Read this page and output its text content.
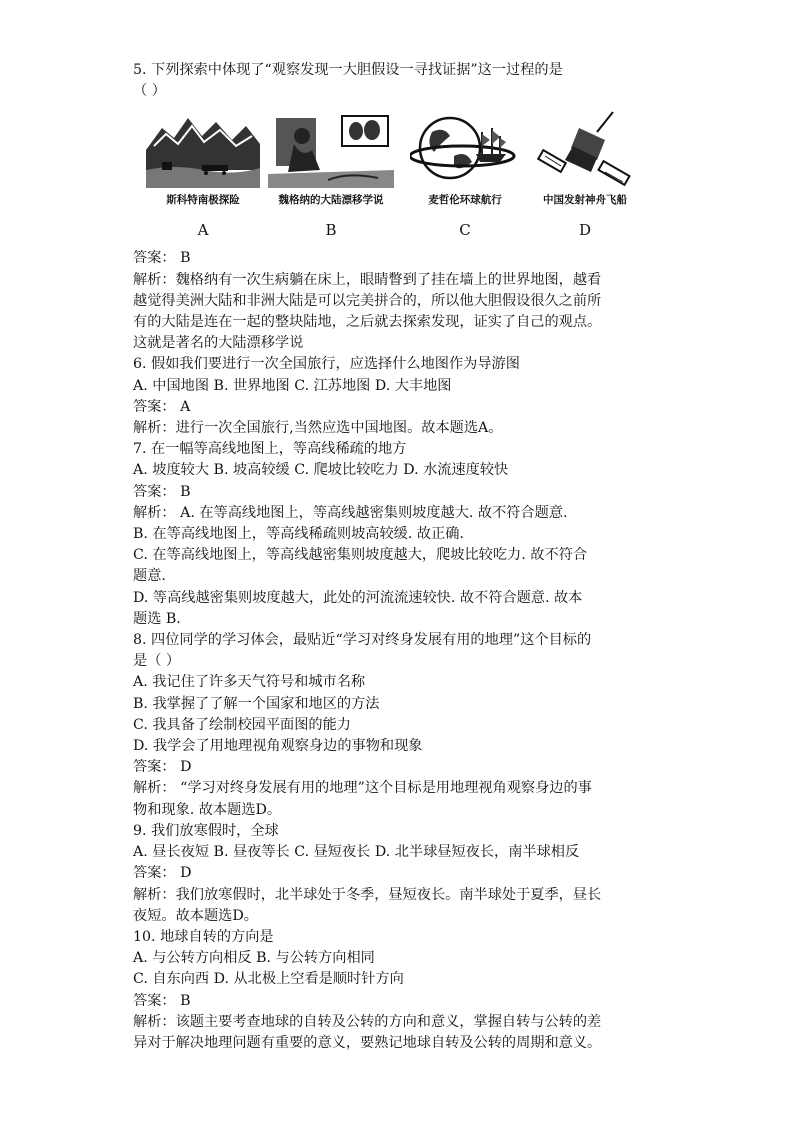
5. 下列探索中体现了“观察发现一大胆假设一寻找证据”这一过程的是
（ ）
斯科特南极探险
A
魏格纳的大陆漂移学说
B
麦哲伦环球航行
C
中国发射神舟飞船
D
答案： B
解析：魏格纳有一次生病躺在床上，眼睛瞥到了挂在墙上的世界地图，越看
越觉得美洲大陆和非洲大陆是可以完美拼合的，所以他大胆假设很久之前所
有的大陆是连在一起的整块陆地，之后就去探索发现，证实了自己的观点。
这就是著名的大陆漂移学说
6. 假如我们要进行一次全国旅行，应选择什么地图作为导游图
A. 中国地图 B. 世界地图 C. 江苏地图 D. 大丰地图
答案： A
解析：进行一次全国旅行,当然应选中国地图。故本题选A。
7. 在一幅等高线地图上，等高线稀疏的地方
A. 坡度较大 B. 坡高较缓 C. 爬坡比较吃力 D. 水流速度较快
答案： B
解析： A. 在等高线地图上，等高线越密集则坡度越大. 故不符合题意.
B. 在等高线地图上，等高线稀疏则坡高较缓. 故正确.
C. 在等高线地图上，等高线越密集则坡度越大，爬坡比较吃力. 故不符合
题意.
D. 等高线越密集则坡度越大，此处的河流流速较快. 故不符合题意. 故本
题选 B.
8. 四位同学的学习体会，最贴近“学习对终身发展有用的地理”这个目标的
是（ ）
A. 我记住了许多天气符号和城市名称
B. 我掌握了了解一个国家和地区的方法
C. 我具备了绘制校园平面图的能力
D. 我学会了用地理视角观察身边的事物和现象
答案： D
解析： “学习对终身发展有用的地理”这个目标是用地理视角观察身边的事
物和现象. 故本题选D。
9. 我们放寒假时，全球
A. 昼长夜短 B. 昼夜等长 C. 昼短夜长 D. 北半球昼短夜长，南半球相反
答案： D
解析：我们放寒假时，北半球处于冬季，昼短夜长。南半球处于夏季，昼长
夜短。故本题选D。
10. 地球自转的方向是
A. 与公转方向相反 B. 与公转方向相同
C. 自东向西 D. 从北极上空看是顺时针方向
答案： B
解析：该题主要考查地球的自转及公转的方向和意义，掌握自转与公转的差
异对于解决地理问题有重要的意义，要熟记地球自转及公转的周期和意义。
